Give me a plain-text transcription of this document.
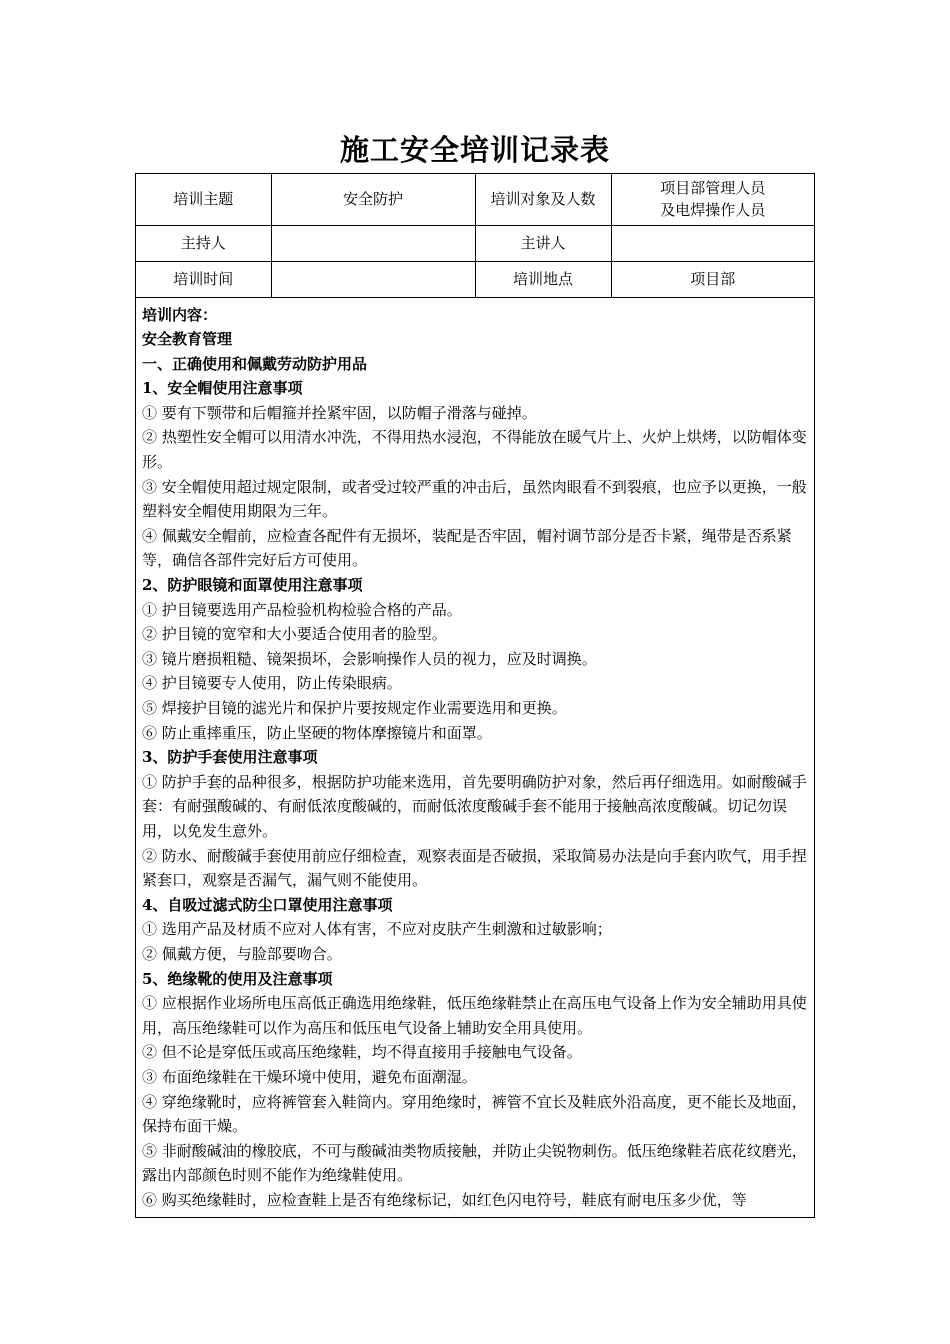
施工安全培训记录表
培训主题	安全防护	培训对象及人数	项目部管理人员
及电焊操作人员

主持人		主讲人	
培训时间		培训地点	项目部

培训内容：

安全教育管理

一、正确使用和佩戴劳动防护用品

1、安全帽使用注意事项

① 要有下颚带和后帽箍并拴紧牢固，以防帽子滑落与碰掉。

② 热塑性安全帽可以用清水冲洗，不得用热水浸泡，不得能放在暖气片上、火炉上烘烤，以防帽体变形。

③ 安全帽使用超过规定限制，或者受过较严重的冲击后，虽然肉眼看不到裂痕，也应予以更换，一般塑料安全帽使用期限为三年。

④ 佩戴安全帽前，应检查各配件有无损坏，装配是否牢固，帽衬调节部分是否卡紧，绳带是否系紧等，确信各部件完好后方可使用。

2、防护眼镜和面罩使用注意事项

① 护目镜要选用产品检验机构检验合格的产品。

② 护目镜的宽窄和大小要适合使用者的脸型。

③ 镜片磨损粗糙、镜架损坏，会影响操作人员的视力，应及时调换。

④ 护目镜要专人使用，防止传染眼病。

⑤ 焊接护目镜的滤光片和保护片要按规定作业需要选用和更换。

⑥ 防止重摔重压，防止坚硬的物体摩擦镜片和面罩。

3、防护手套使用注意事项

① 防护手套的品种很多，根据防护功能来选用，首先要明确防护对象，然后再仔细选用。如耐酸碱手套：有耐强酸碱的、有耐低浓度酸碱的，而耐低浓度酸碱手套不能用于接触高浓度酸碱。切记勿误用，以免发生意外。

② 防水、耐酸碱手套使用前应仔细检查，观察表面是否破损，采取简易办法是向手套内吹气，用手捏紧套口，观察是否漏气，漏气则不能使用。

4、自吸过滤式防尘口罩使用注意事项

① 选用产品及材质不应对人体有害，不应对皮肤产生刺激和过敏影响；

② 佩戴方便，与脸部要吻合。

5、绝缘靴的使用及注意事项

① 应根据作业场所电压高低正确选用绝缘鞋，低压绝缘鞋禁止在高压电气设备上作为安全辅助用具使用，高压绝缘鞋可以作为高压和低压电气设备上辅助安全用具使用。

② 但不论是穿低压或高压绝缘鞋，均不得直接用手接触电气设备。

③ 布面绝缘鞋在干燥环境中使用，避免布面潮湿。

④ 穿绝缘靴时，应将裤管套入鞋筒内。穿用绝缘时，裤管不宜长及鞋底外沿高度，更不能长及地面，保持布面干燥。

⑤ 非耐酸碱油的橡胶底，不可与酸碱油类物质接触，并防止尖锐物刺伤。低压绝缘鞋若底花纹磨光，露出内部颜色时则不能作为绝缘鞋使用。

⑥ 购买绝缘鞋时，应检查鞋上是否有绝缘标记，如红色闪电符号，鞋底有耐电压多少优，等
